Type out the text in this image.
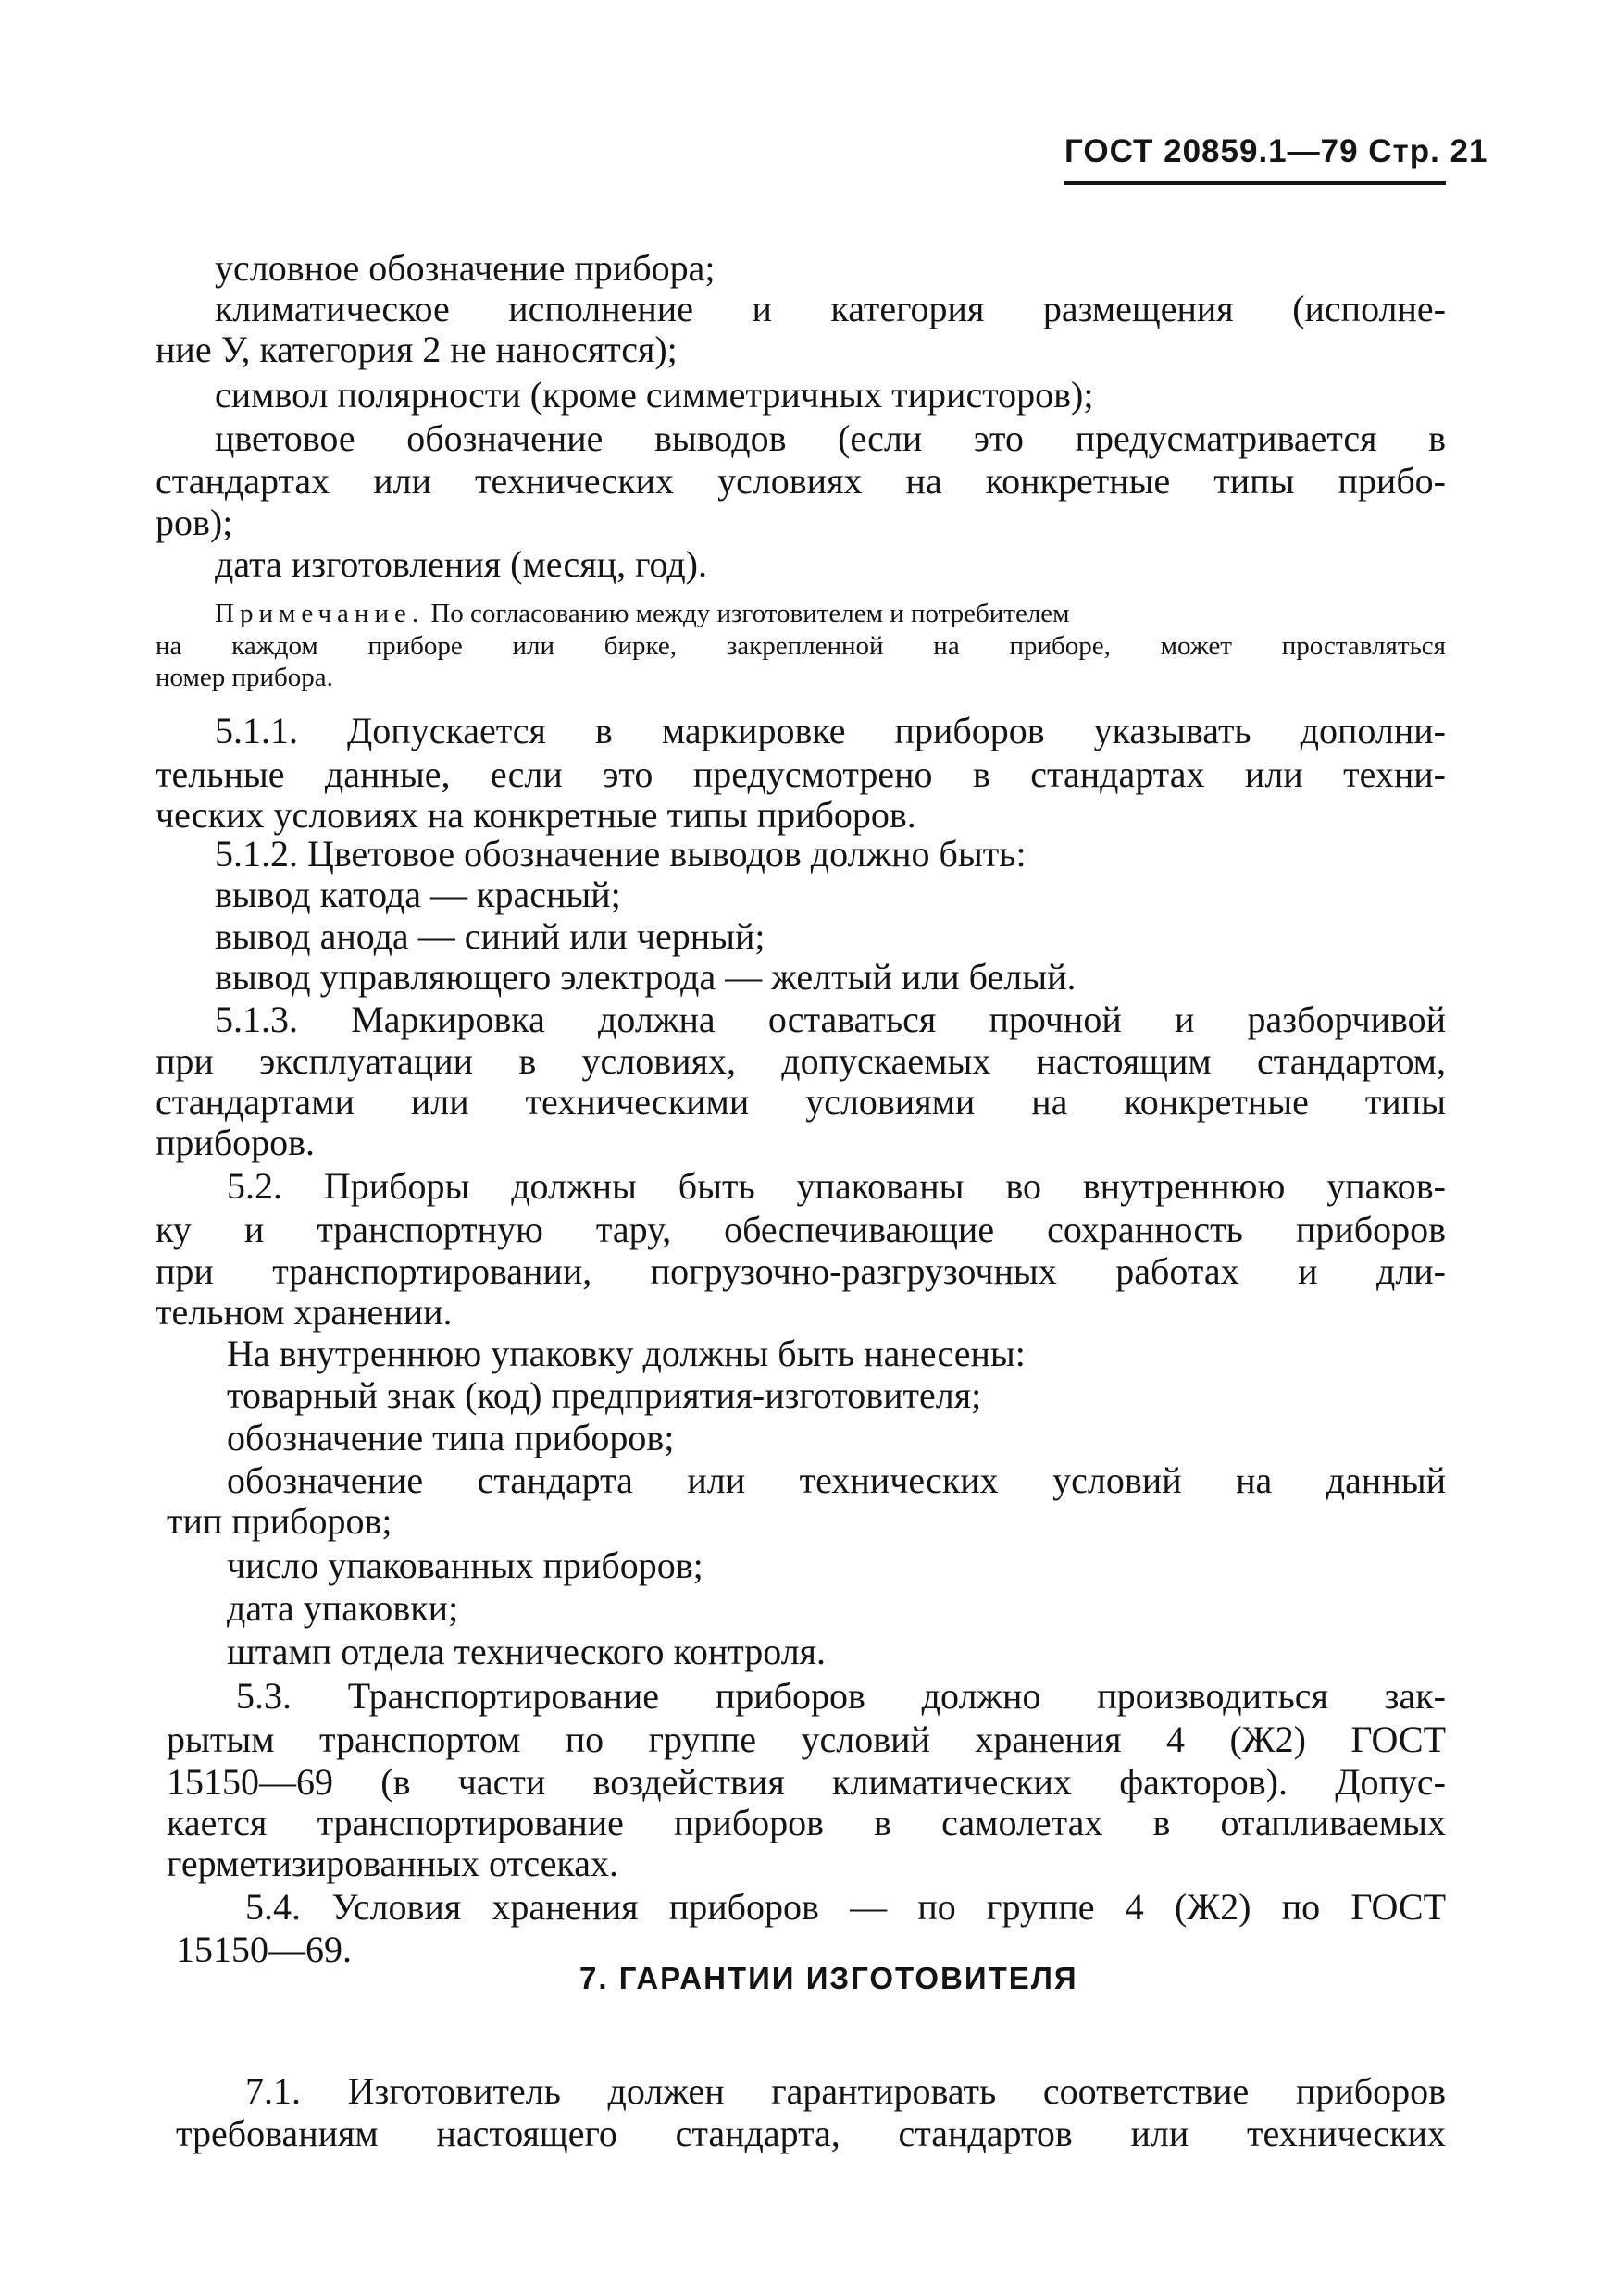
ГОСТ 20859.1—79 Стр. 21
условное обозначение прибора;
климатическое исполнение и категория размещения (исполне-
ние У, категория 2 не наносятся);
символ полярности (кроме симметричных тиристоров);
цветовое обозначение выводов (если это предусматривается в
стандартах или технических условиях на конкретные типы прибо-
ров);
дата изготовления (месяц, год).
Примечание. По согласованию между изготовителем и потребителем
на каждом приборе или бирке, закрепленной на приборе, может проставляться
номер прибора.
5.1.1. Допускается в маркировке приборов указывать дополни-
тельные данные, если это предусмотрено в стандартах или техни-
ческих условиях на конкретные типы приборов.
5.1.2. Цветовое обозначение выводов должно быть:
вывод катода — красный;
вывод анода — синий или черный;
вывод управляющего электрода — желтый или белый.
5.1.3. Маркировка должна оставаться прочной и разборчивой
при эксплуатации в условиях, допускаемых настоящим стандартом,
стандартами или техническими условиями на конкретные типы
приборов.
5.2. Приборы должны быть упакованы во внутреннюю упаков-
ку и транспортную тару, обеспечивающие сохранность приборов
при транспортировании, погрузочно-разгрузочных работах и дли-
тельном хранении.
На внутреннюю упаковку должны быть нанесены:
товарный знак (код) предприятия-изготовителя;
обозначение типа приборов;
обозначение стандарта или технических условий на данный
тип приборов;
число упакованных приборов;
дата упаковки;
штамп отдела технического контроля.
5.3. Транспортирование приборов должно производиться зак-
рытым транспортом по группе условий хранения 4 (Ж2) ГОСТ
15150—69 (в части воздействия климатических факторов). Допус-
кается транспортирование приборов в самолетах в отапливаемых
герметизированных отсеках.
5.4. Условия хранения приборов — по группе 4 (Ж2) по ГОСТ
15150—69.
7. ГАРАНТИИ ИЗГОТОВИТЕЛЯ
7.1. Изготовитель должен гарантировать соответствие приборов
требованиям настоящего стандарта, стандартов или технических
